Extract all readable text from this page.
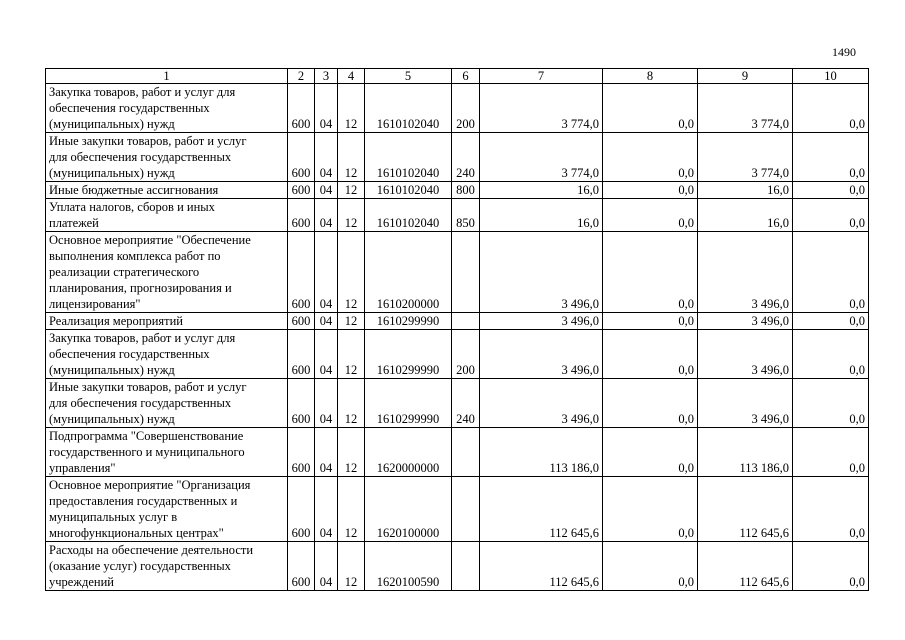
1490
1	2	3	4	5	6	7	8	9	10
Закупка товаров, работ и услуг для
обеспечения государственных
(муниципальных) нужд	600	04	12	1610102040	200	3 774,0	0,0	3 774,0	0,0
Иные закупки товаров, работ и услуг
для обеспечения государственных
(муниципальных) нужд	600	04	12	1610102040	240	3 774,0	0,0	3 774,0	0,0
Иные бюджетные ассигнования	600	04	12	1610102040	800	16,0	0,0	16,0	0,0
Уплата налогов, сборов и иных
платежей	600	04	12	1610102040	850	16,0	0,0	16,0	0,0
Основное мероприятие "Обеспечение
выполнения комплекса работ по
реализации стратегического
планирования, прогнозирования и
лицензирования"	600	04	12	1610200000		3 496,0	0,0	3 496,0	0,0
Реализация мероприятий	600	04	12	1610299990		3 496,0	0,0	3 496,0	0,0
Закупка товаров, работ и услуг для
обеспечения государственных
(муниципальных) нужд	600	04	12	1610299990	200	3 496,0	0,0	3 496,0	0,0
Иные закупки товаров, работ и услуг
для обеспечения государственных
(муниципальных) нужд	600	04	12	1610299990	240	3 496,0	0,0	3 496,0	0,0
Подпрограмма "Совершенствование
государственного и муниципального
управления"	600	04	12	1620000000		113 186,0	0,0	113 186,0	0,0
Основное мероприятие "Организация
предоставления государственных и
муниципальных услуг в
многофункциональных центрах"	600	04	12	1620100000		112 645,6	0,0	112 645,6	0,0
Расходы на обеспечение деятельности
(оказание услуг) государственных
учреждений	600	04	12	1620100590		112 645,6	0,0	112 645,6	0,0
